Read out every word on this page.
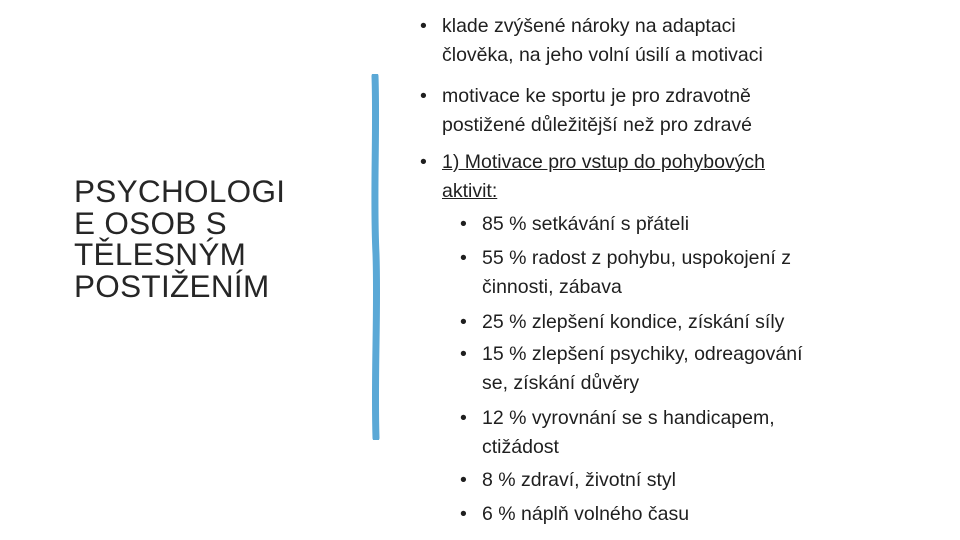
PSYCHOLOGI
E OSOB S
TĚLESNÝM
POSTIŽENÍM
• klade zvýšené nároky na adaptaci
člověka, na jeho volní úsilí a motivaci
• motivace ke sportu je pro zdravotně
postižené důležitější než pro zdravé
• 1) Motivace pro vstup do pohybových
aktivit:
• 85 % setkávání s přáteli
• 55 % radost z pohybu, uspokojení z
činnosti, zábava
• 25 % zlepšení kondice, získání síly
• 15 % zlepšení psychiky, odreagování
se, získání důvěry
• 12 % vyrovnání se s handicapem,
ctižádost
• 8 % zdraví, životní styl
• 6 % náplň volného času
